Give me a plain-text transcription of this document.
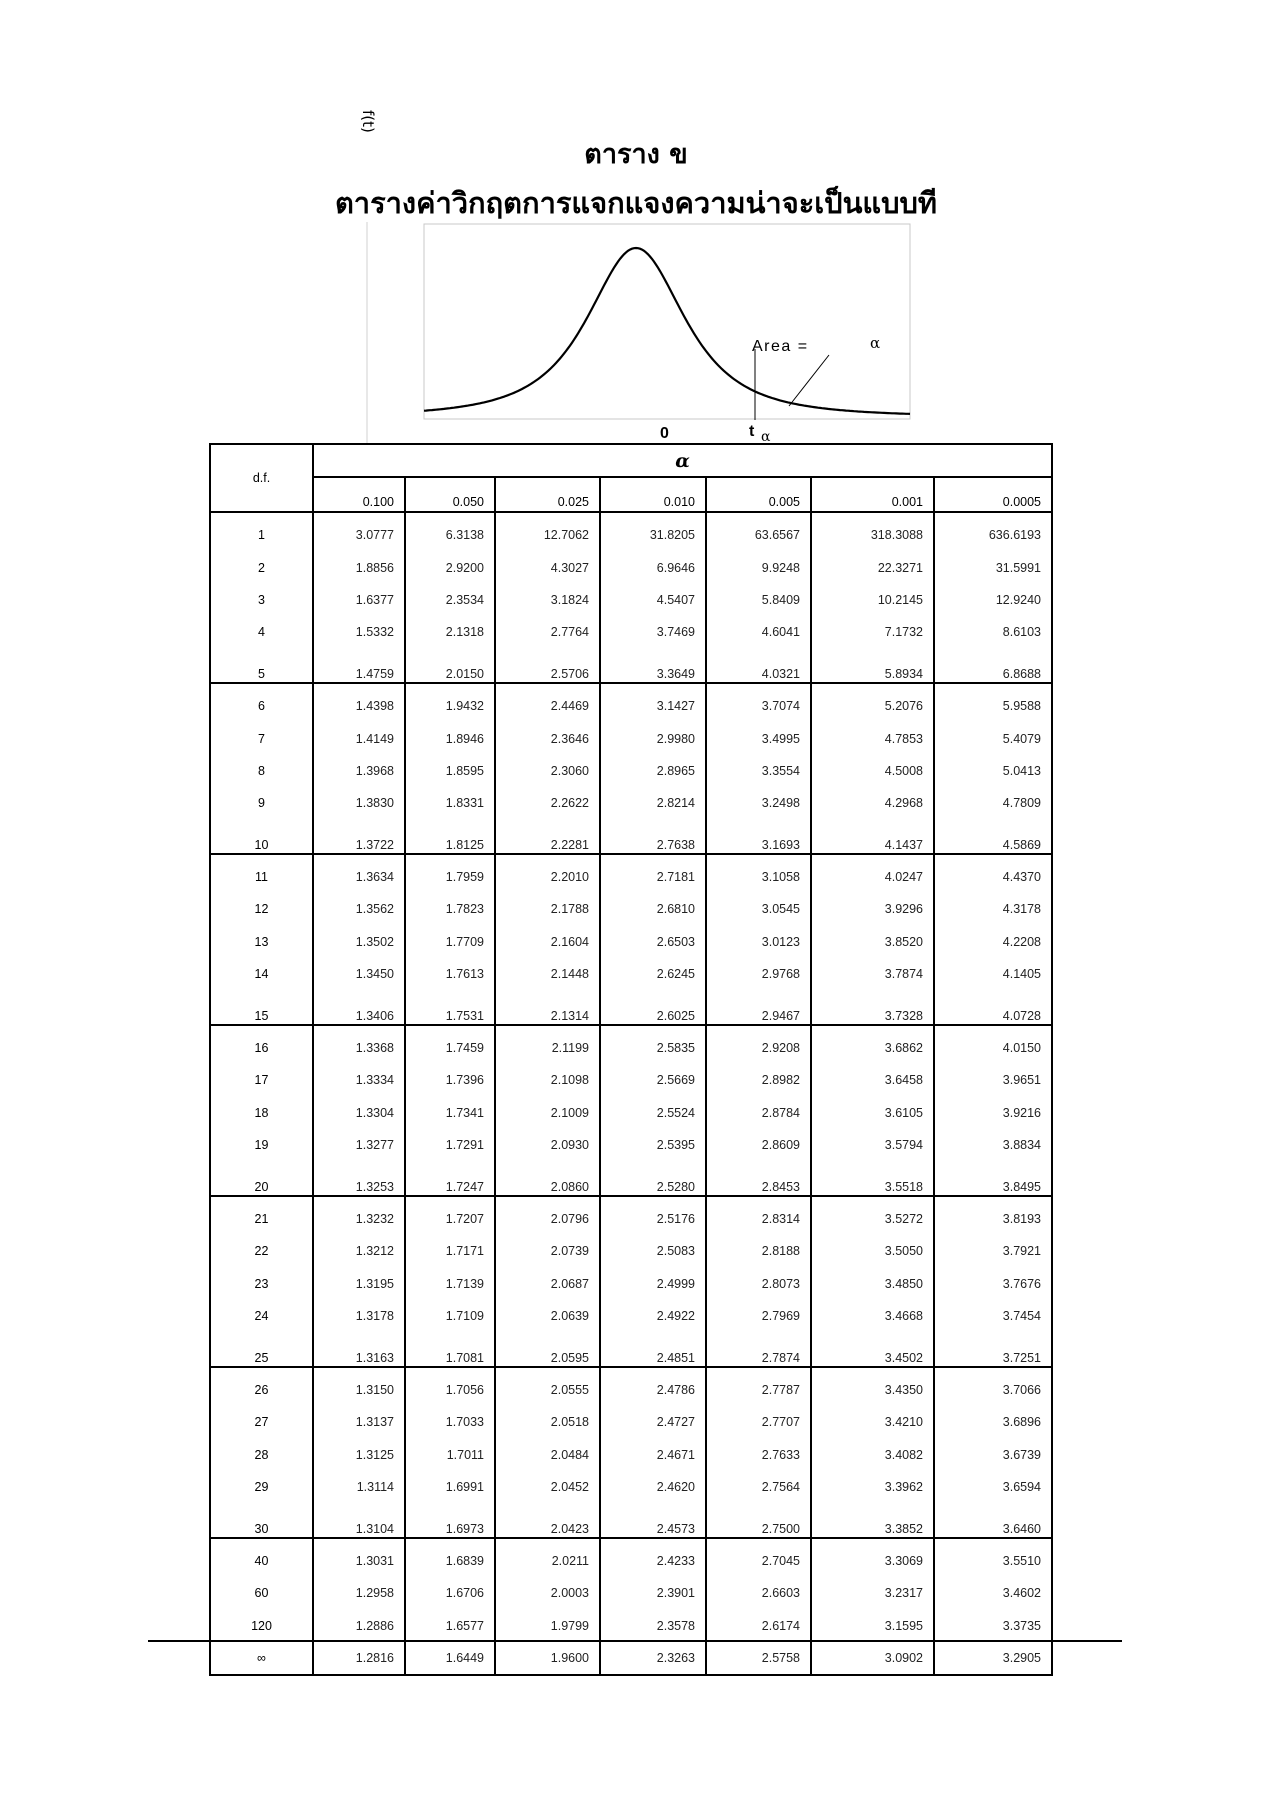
ตาราง ข
ตารางค่าวิกฤตการแจกแจงความน่าจะเป็นแบบที
f(t)
Area =	α
0	t α
d.f.	α						
	0.100	0.050	0.025	0.010	0.005	0.001	0.0005
1	3.0777	6.3138	12.7062	31.8205	63.6567	318.3088	636.6193
2	1.8856	2.9200	4.3027	6.9646	9.9248	22.3271	31.5991
3	1.6377	2.3534	3.1824	4.5407	5.8409	10.2145	12.9240
4	1.5332	2.1318	2.7764	3.7469	4.6041	7.1732	8.6103
5	1.4759	2.0150	2.5706	3.3649	4.0321	5.8934	6.8688
6	1.4398	1.9432	2.4469	3.1427	3.7074	5.2076	5.9588
7	1.4149	1.8946	2.3646	2.9980	3.4995	4.7853	5.4079
8	1.3968	1.8595	2.3060	2.8965	3.3554	4.5008	5.0413
9	1.3830	1.8331	2.2622	2.8214	3.2498	4.2968	4.7809
10	1.3722	1.8125	2.2281	2.7638	3.1693	4.1437	4.5869
11	1.3634	1.7959	2.2010	2.7181	3.1058	4.0247	4.4370
12	1.3562	1.7823	2.1788	2.6810	3.0545	3.9296	4.3178
13	1.3502	1.7709	2.1604	2.6503	3.0123	3.8520	4.2208
14	1.3450	1.7613	2.1448	2.6245	2.9768	3.7874	4.1405
15	1.3406	1.7531	2.1314	2.6025	2.9467	3.7328	4.0728
16	1.3368	1.7459	2.1199	2.5835	2.9208	3.6862	4.0150
17	1.3334	1.7396	2.1098	2.5669	2.8982	3.6458	3.9651
18	1.3304	1.7341	2.1009	2.5524	2.8784	3.6105	3.9216
19	1.3277	1.7291	2.0930	2.5395	2.8609	3.5794	3.8834
20	1.3253	1.7247	2.0860	2.5280	2.8453	3.5518	3.8495
21	1.3232	1.7207	2.0796	2.5176	2.8314	3.5272	3.8193
22	1.3212	1.7171	2.0739	2.5083	2.8188	3.5050	3.7921
23	1.3195	1.7139	2.0687	2.4999	2.8073	3.4850	3.7676
24	1.3178	1.7109	2.0639	2.4922	2.7969	3.4668	3.7454
25	1.3163	1.7081	2.0595	2.4851	2.7874	3.4502	3.7251
26	1.3150	1.7056	2.0555	2.4786	2.7787	3.4350	3.7066
27	1.3137	1.7033	2.0518	2.4727	2.7707	3.4210	3.6896
28	1.3125	1.7011	2.0484	2.4671	2.7633	3.4082	3.6739
29	1.3114	1.6991	2.0452	2.4620	2.7564	3.3962	3.6594
30	1.3104	1.6973	2.0423	2.4573	2.7500	3.3852	3.6460
40	1.3031	1.6839	2.0211	2.4233	2.7045	3.3069	3.5510
60	1.2958	1.6706	2.0003	2.3901	2.6603	3.2317	3.4602
120	1.2886	1.6577	1.9799	2.3578	2.6174	3.1595	3.3735
∞	1.2816	1.6449	1.9600	2.3263	2.5758	3.0902	3.2905
